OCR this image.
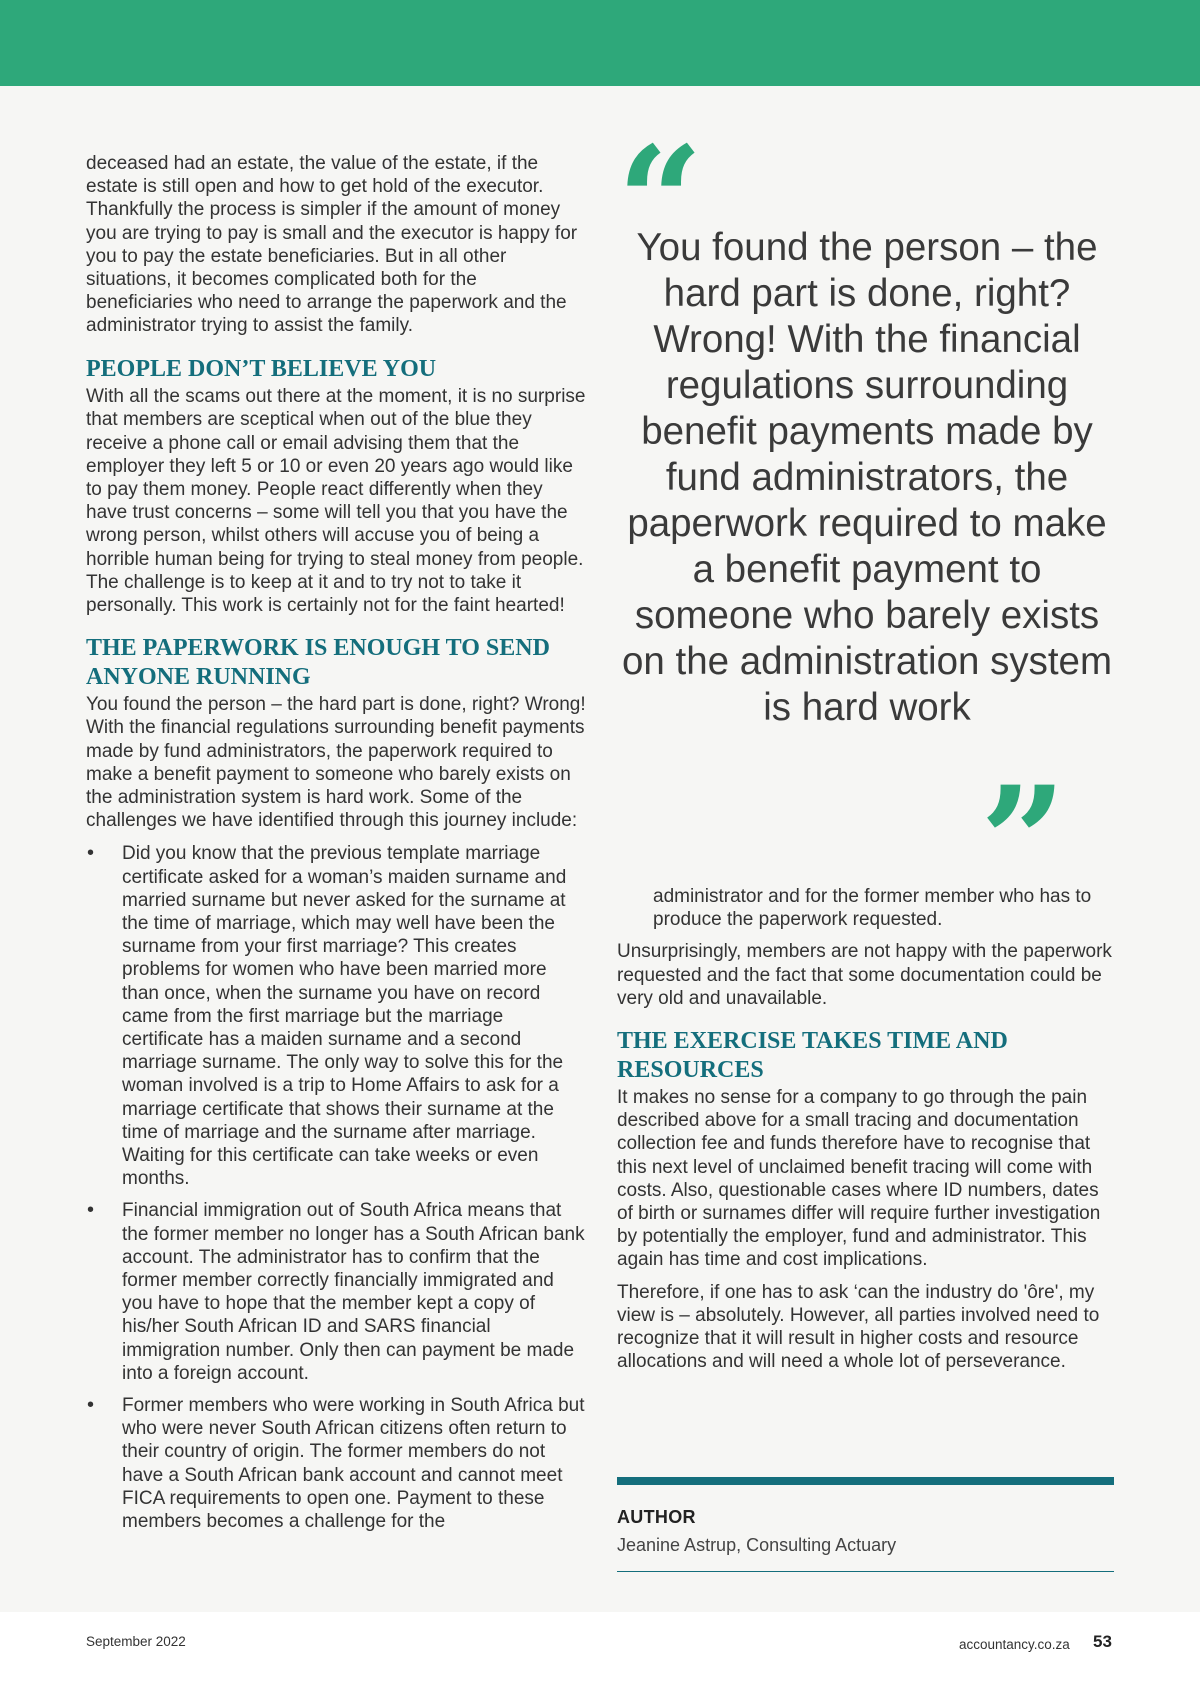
deceased had an estate, the value of the estate, if the estate is still open and how to get hold of the executor. Thankfully the process is simpler if the amount of money you are trying to pay is small and the executor is happy for you to pay the estate beneficiaries. But in all other situations, it becomes complicated both for the beneficiaries who need to arrange the paperwork and the administrator trying to assist the family.

PEOPLE DON’T BELIEVE YOU

With all the scams out there at the moment, it is no surprise that members are sceptical when out of the blue they receive a phone call or email advising them that the employer they left 5 or 10 or even 20 years ago would like to pay them money. People react differently when they have trust concerns – some will tell you that you have the wrong person, whilst others will accuse you of being a horrible human being for trying to steal money from people. The challenge is to keep at it and to try not to take it personally. This work is certainly not for the faint hearted!

THE PAPERWORK IS ENOUGH TO SEND ANYONE RUNNING

You found the person – the hard part is done, right? Wrong! With the financial regulations surrounding benefit payments made by fund administrators, the paperwork required to make a benefit payment to someone who barely exists on the administration system is hard work. Some of the challenges we have identified through this journey include:

• Did you know that the previous template marriage certificate asked for a woman’s maiden surname and married surname but never asked for the surname at the time of marriage, which may well have been the surname from your first marriage? This creates problems for women who have been married more than once, when the surname you have on record came from the first marriage but the marriage certificate has a maiden surname and a second marriage surname. The only way to solve this for the woman involved is a trip to Home Affairs to ask for a marriage certificate that shows their surname at the time of marriage and the surname after marriage. Waiting for this certificate can take weeks or even months.
• Financial immigration out of South Africa means that the former member no longer has a South African bank account. The administrator has to confirm that the former member correctly financially immigrated and you have to hope that the member kept a copy of his/her South African ID and SARS financial immigration number. Only then can payment be made into a foreign account.
• Former members who were working in South Africa but who were never South African citizens often return to their country of origin. The former members do not have a South African bank account and cannot meet FICA requirements to open one. Payment to these members becomes a challenge for the
“

You found the person – the hard part is done, right? Wrong! With the financial regulations surrounding benefit payments made by fund administrators, the paperwork required to make a benefit payment to someone who barely exists on the administration system is hard work

”

administrator and for the former member who has to produce the paperwork requested.

Unsurprisingly, members are not happy with the paperwork requested and the fact that some documentation could be very old and unavailable.

THE EXERCISE TAKES TIME AND RESOURCES

It makes no sense for a company to go through the pain described above for a small tracing and documentation collection fee and funds therefore have to recognise that this next level of unclaimed benefit tracing will come with costs. Also, questionable cases where ID numbers, dates of birth or surnames differ will require further investigation by potentially the employer, fund and administrator. This again has time and cost implications.

Therefore, if one has to ask ‘can the industry do 'ôre', my view is – absolutely. However, all parties involved need to recognize that it will result in higher costs and resource allocations and will need a whole lot of perseverance.

AUTHOR
Jeanine Astrup, Consulting Actuary
September 2022	accountancy.co.za 53
